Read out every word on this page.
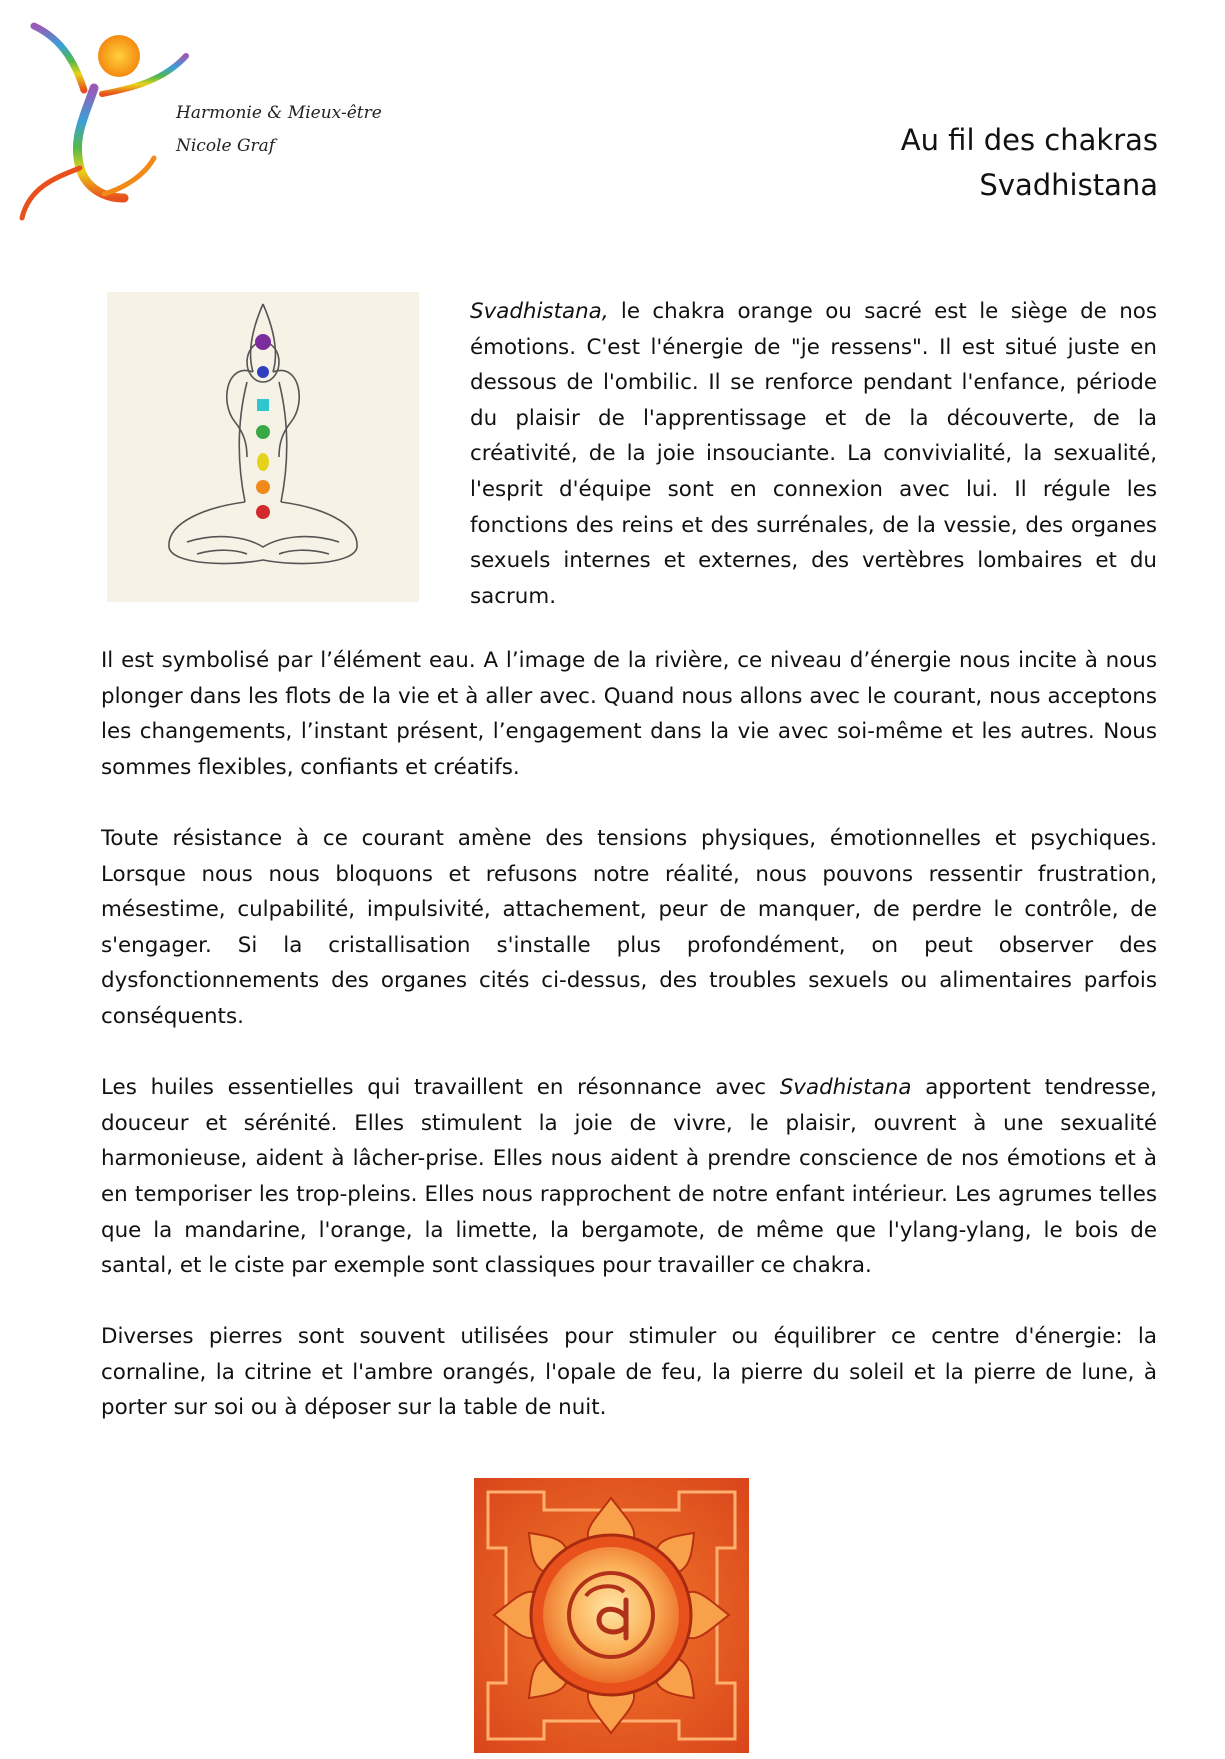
Harmonie & Mieux-être
Nicole Graf	Au fil des chakras
Svadhistana

Svadhistana, le chakra orange ou sacré est le siège de nos émotions. C'est l'énergie de "je ressens". Il est situé juste en dessous de l'ombilic. Il se renforce pendant l'enfance, période du plaisir de l'apprentissage et de la découverte, de la créativité, de la joie insouciante. La convivialité, la sexualité, l'esprit d'équipe sont en connexion avec lui. Il régule les fonctions des reins et des surrénales, de la vessie, des organes sexuels internes et externes, des vertèbres lombaires et du sacrum.

Il est symbolisé par l’élément eau. A l’image de la rivière, ce niveau d’énergie nous incite à nous plonger dans les flots de la vie et à aller avec. Quand nous allons avec le courant, nous acceptons les changements, l’instant présent, l’engagement dans la vie avec soi-même et les autres. Nous sommes flexibles, confiants et créatifs.

Toute résistance à ce courant amène des tensions physiques, émotionnelles et psychiques. Lorsque nous nous bloquons et refusons notre réalité, nous pouvons ressentir frustration, mésestime, culpabilité, impulsivité, attachement, peur de manquer, de perdre le contrôle, de s'engager. Si la cristallisation s'installe plus profondément, on peut observer des dysfonctionnements des organes cités ci-dessus, des troubles sexuels ou alimentaires parfois conséquents.

Les huiles essentielles qui travaillent en résonnance avec Svadhistana apportent tendresse, douceur et sérénité. Elles stimulent la joie de vivre, le plaisir, ouvrent à une sexualité harmonieuse, aident à lâcher-prise. Elles nous aident à prendre conscience de nos émotions et à en temporiser les trop-pleins. Elles nous rapprochent de notre enfant intérieur. Les agrumes telles que la mandarine, l'orange, la limette, la bergamote, de même que l'ylang-ylang, le bois de santal, et le ciste par exemple sont classiques pour travailler ce chakra.

Diverses pierres sont souvent utilisées pour stimuler ou équilibrer ce centre d'énergie: la cornaline, la citrine et l'ambre orangés, l'opale de feu, la pierre du soleil et la pierre de lune, à porter sur soi ou à déposer sur la table de nuit.
